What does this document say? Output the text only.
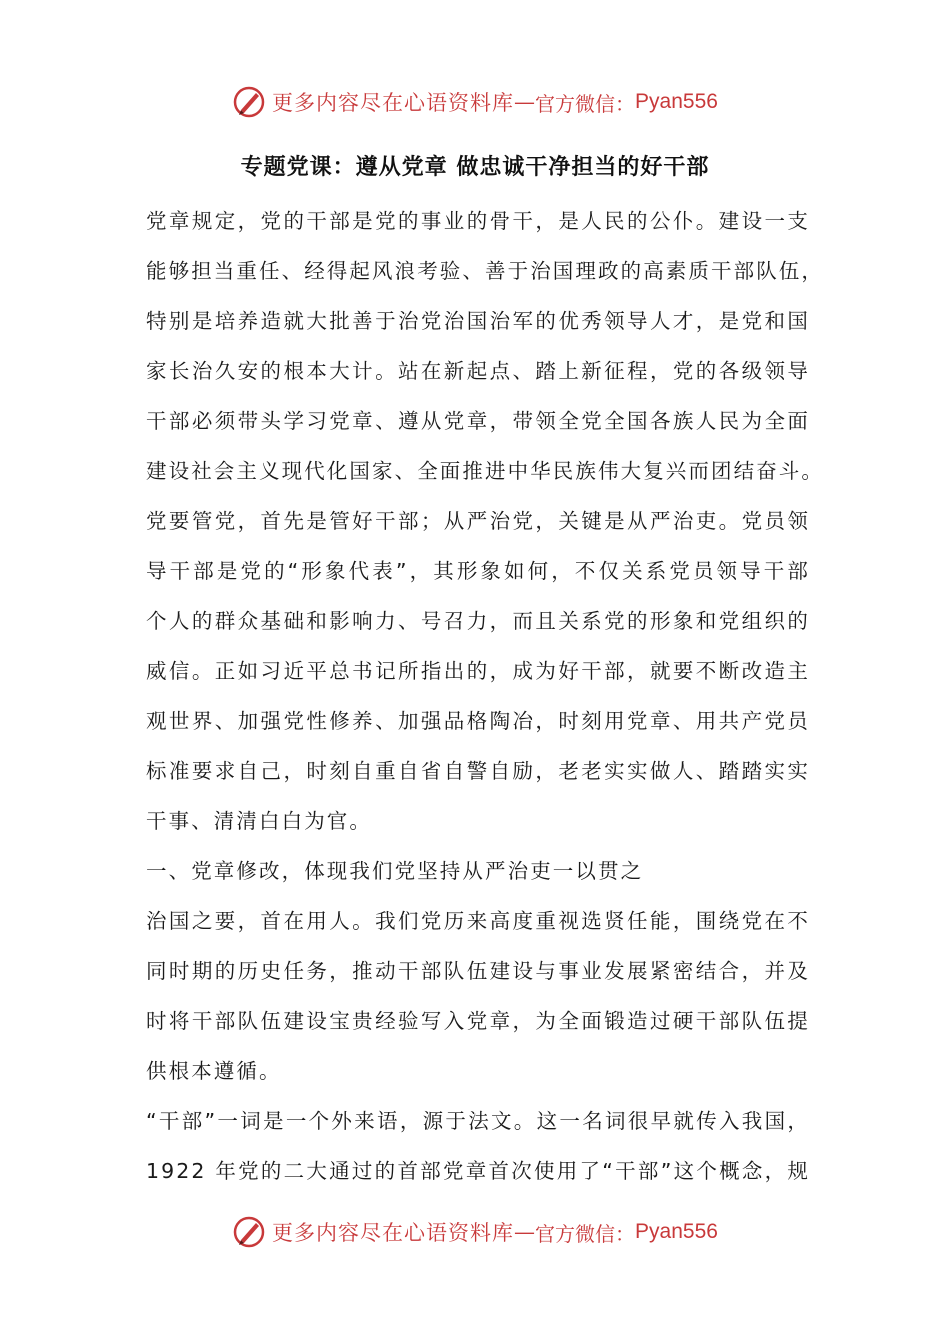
更多内容尽在心语资料库 — 官方微信： Pyan556
专题党课：遵从党章 做忠诚干净担当的好干部
党章规定，党的干部是党的事业的骨干，是人民的公仆。建设一支
能够担当重任、经得起风浪考验、善于治国理政的高素质干部队伍，
特别是培养造就大批善于治党治国治军的优秀领导人才，是党和国
家长治久安的根本大计。站在新起点、踏上新征程，党的各级领导
干部必须带头学习党章、遵从党章，带领全党全国各族人民为全面
建设社会主义现代化国家、全面推进中华民族伟大复兴而团结奋斗。
党要管党，首先是管好干部；从严治党，关键是从严治吏。党员领
导干部是党的“形象代表”，其形象如何，不仅关系党员领导干部
个人的群众基础和影响力、号召力，而且关系党的形象和党组织的
威信。正如习近平总书记所指出的，成为好干部，就要不断改造主
观世界、加强党性修养、加强品格陶冶，时刻用党章、用共产党员
标准要求自己，时刻自重自省自警自励，老老实实做人、踏踏实实
干事、清清白白为官。
一、党章修改，体现我们党坚持从严治吏一以贯之
治国之要，首在用人。我们党历来高度重视选贤任能，围绕党在不
同时期的历史任务，推动干部队伍建设与事业发展紧密结合，并及
时将干部队伍建设宝贵经验写入党章，为全面锻造过硬干部队伍提
供根本遵循。
“干部”一词是一个外来语，源于法文。这一名词很早就传入我国，
1922 年党的二大通过的首部党章首次使用了“干部”这个概念，规
更多内容尽在心语资料库 — 官方微信： Pyan556
